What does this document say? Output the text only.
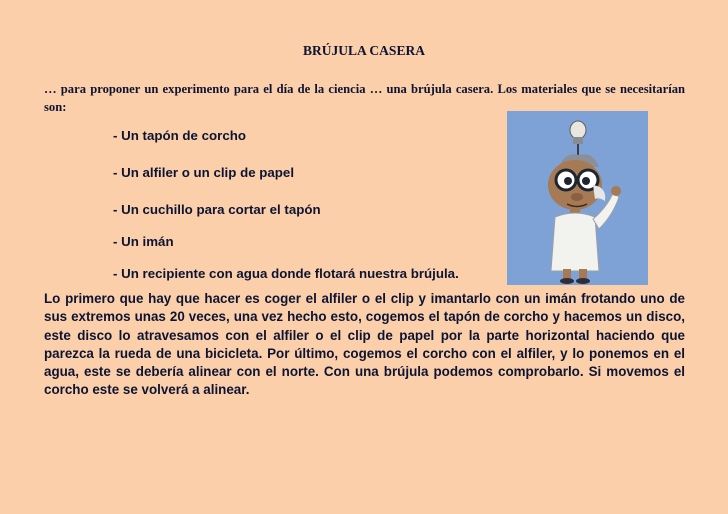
BRÚJULA CASERA

… para proponer un experimento para el día de la ciencia … una brújula casera. Los materiales que se necesitarían son:

- Un tapón de corcho
- Un alfiler o un clip de papel
- Un cuchillo para cortar el tapón
- Un imán
- Un recipiente con agua donde flotará nuestra brújula.

Lo primero que hay que hacer es coger el alfiler o el clip y imantarlo con un imán frotando uno de sus extremos unas 20 veces, una vez hecho esto, cogemos el tapón de corcho y hacemos un disco, este disco lo atravesamos con el alfiler o el clip de papel por la parte horizontal haciendo que parezca la rueda de una bicicleta. Por último, cogemos el corcho con el alfiler, y lo ponemos en el agua, este se debería alinear con el norte. Con una brújula podemos comprobarlo. Si movemos el corcho este se volverá a alinear.
